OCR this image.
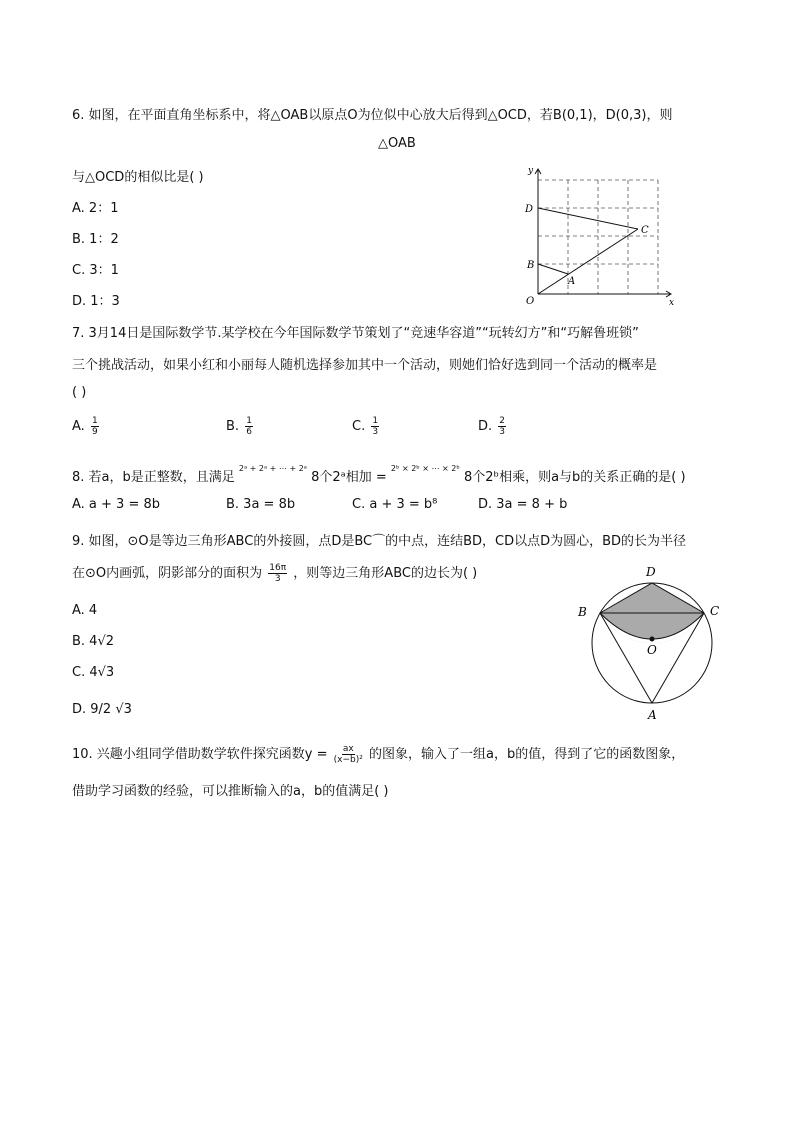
6. 如图，在平面直角坐标系中，将△OAB以原点O为位似中心放大后得到△OCD，若B(0,1)，D(0,3)，则
△OAB
与△OCD的相似比是( )
A. 2：1
B. 1：2
C. 3：1
D. 1：3
y
x
O
D
B
C
A
7. 3月14日是国际数学节.某学校在今年国际数学节策划了“竞速华容道”“玩转幻方”和“巧解鲁班锁”
三个挑战活动，如果小红和小丽每人随机选择参加其中一个活动，则她们恰好选到同一个活动的概率是
( )
A. $\frac{1}{9}$	B. $\frac{1}{6}$	C. $\frac{1}{3}$	D. $\frac{2}{3}$
8. 若a，b是正整数，且满足 $^{2ᵃ + 2ᵃ + \cdots + 2ᵃ}$ 8个2ᵃ相加 = $^{2ᵇ \times 2ᵇ \times \cdots \times 2ᵇ}$ 8个2ᵇ相乘，则a与b的关系正确的是( )
A. a + 3 = 8b	B. 3a = 8b	C. a + 3 = b⁸	D. 3a = 8 + b
9. 如图，⊙O是等边三角形ABC的外接圆，点D是BC⌒的中点，连结BD，CD以点D为圆心，BD的长为半径
在⊙O内画弧，阴影部分的面积为 $\frac{16\pi}{3}$ ，则等边三角形ABC的边长为( )
A. 4
B. 4√2
C. 4√3
D. 9/2 √3
D
B	C
O
A
10. 兴趣小组同学借助数学软件探究函数$y = \frac{ax}{\text{(x−b)²}}$ 的图象，输入了一组a，b的值，得到了它的函数图象，
借助学习函数的经验，可以推断输入的a，b的值满足( )
